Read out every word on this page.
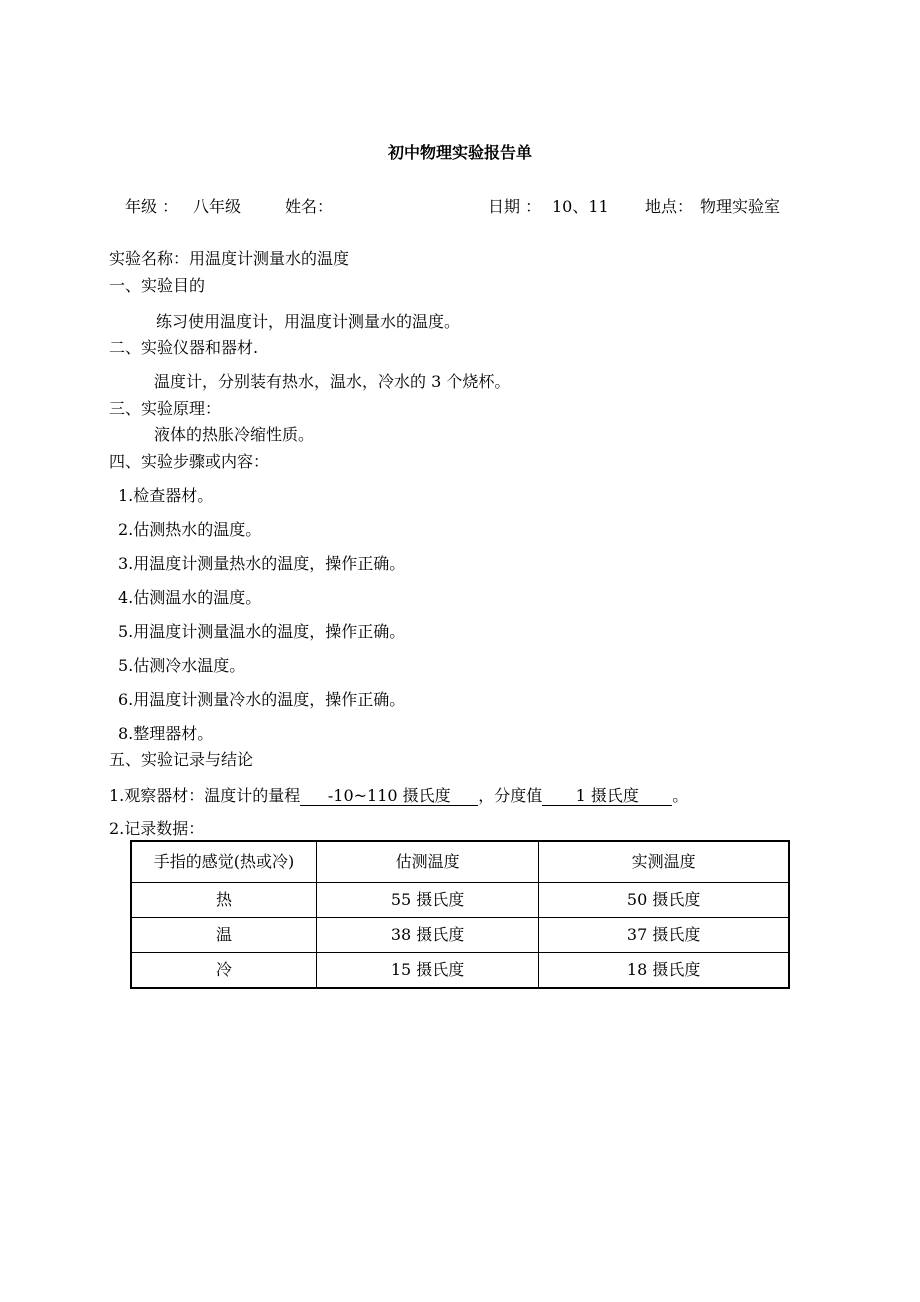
初中物理实验报告单
年级 ： 八年级	姓名：	日期 ： 10、11 地点： 物理实验室
实验名称：用温度计测量水的温度
一、实验目的
练习使用温度计，用温度计测量水的温度。
二、实验仪器和器材.
温度计，分别装有热水，温水，冷水的 3 个烧杯。
三、实验原理：
液体的热胀冷缩性质。
四、实验步骤或内容：
1.检查器材。
2.估测热水的温度。
3.用温度计测量热水的温度，操作正确。
4.估测温水的温度。
5.用温度计测量温水的温度，操作正确。
5.估测冷水温度。
6.用温度计测量冷水的温度，操作正确。
8.整理器材。
五、实验记录与结论
1.观察器材：温度计的量程 -10~110 摄氏度 ，分度值 1 摄氏度 。
2.记录数据：
手指的感觉(热或冷)	估测温度	实测温度
热	55 摄氏度	50 摄氏度
温	38 摄氏度	37 摄氏度
冷	15 摄氏度	18 摄氏度
